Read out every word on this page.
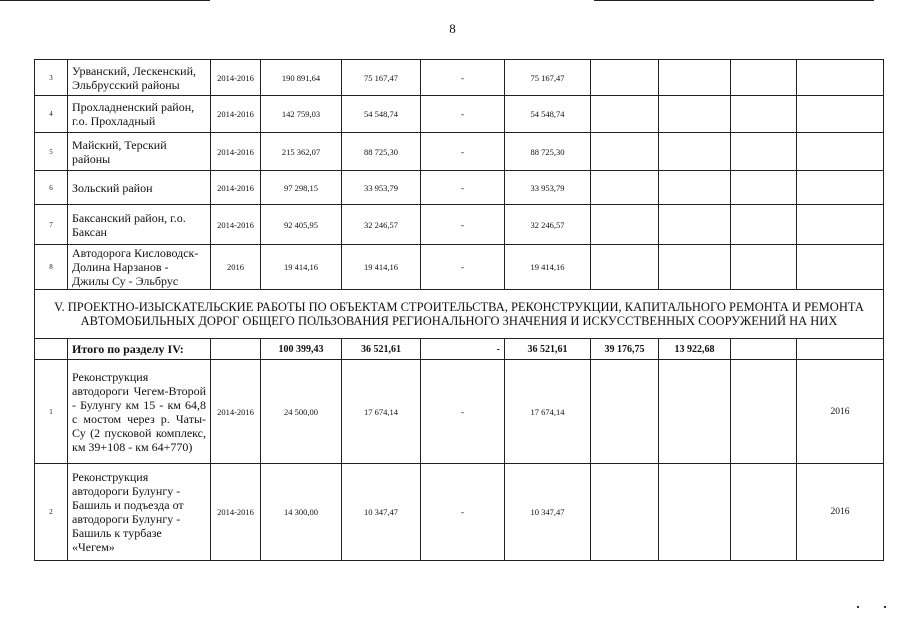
8
3	Урванский, Лескенский, Эльбрусский районы	2014-2016	190 891,64	75 167,47	-	75 167,47				
4	Прохладненский район, г.о. Прохладный	2014-2016	142 759,03	54 548,74	-	54 548,74				
5	Майский, Терский районы	2014-2016	215 362,07	88 725,30	-	88 725,30				
6	Зольский район	2014-2016	97 298,15	33 953,79	-	33 953,79				
7	Баксанский район, г.о. Баксан	2014-2016	92 405,95	32 246,57	-	32 246,57				
8	Автодорога Кисловодск-Долина Нарзанов - Джилы Су - Эльбрус	2016	19 414,16	19 414,16	-	19 414,16				
V. ПРОЕКТНО-ИЗЫСКАТЕЛЬСКИЕ РАБОТЫ ПО ОБЪЕКТАМ СТРОИТЕЛЬСТВА, РЕКОНСТРУКЦИИ, КАПИТАЛЬНОГО РЕМОНТА И РЕМОНТА АВТОМОБИЛЬНЫХ ДОРОГ ОБЩЕГО ПОЛЬЗОВАНИЯ РЕГИОНАЛЬНОГО ЗНАЧЕНИЯ И ИСКУССТВЕННЫХ СООРУЖЕНИЙ НА НИХ										
	Итого по разделу IV:		100 399,43	36 521,61	-	36 521,61	39 176,75	13 922,68		
1	Реконструкция автодороги Чегем-Второй - Булунгу км 15 - км 64,8 с мостом через р. Чаты-Су (2 пусковой комплекс, км 39+108 - км 64+770)	2014-2016	24 500,00	17 674,14	-	17 674,14				2016
2	Реконструкция автодороги Булунгу - Башиль и подъезда от автодороги Булунгу - Башиль к турбазе «Чегем»	2014-2016	14 300,00	10 347,47	-	10 347,47				2016
